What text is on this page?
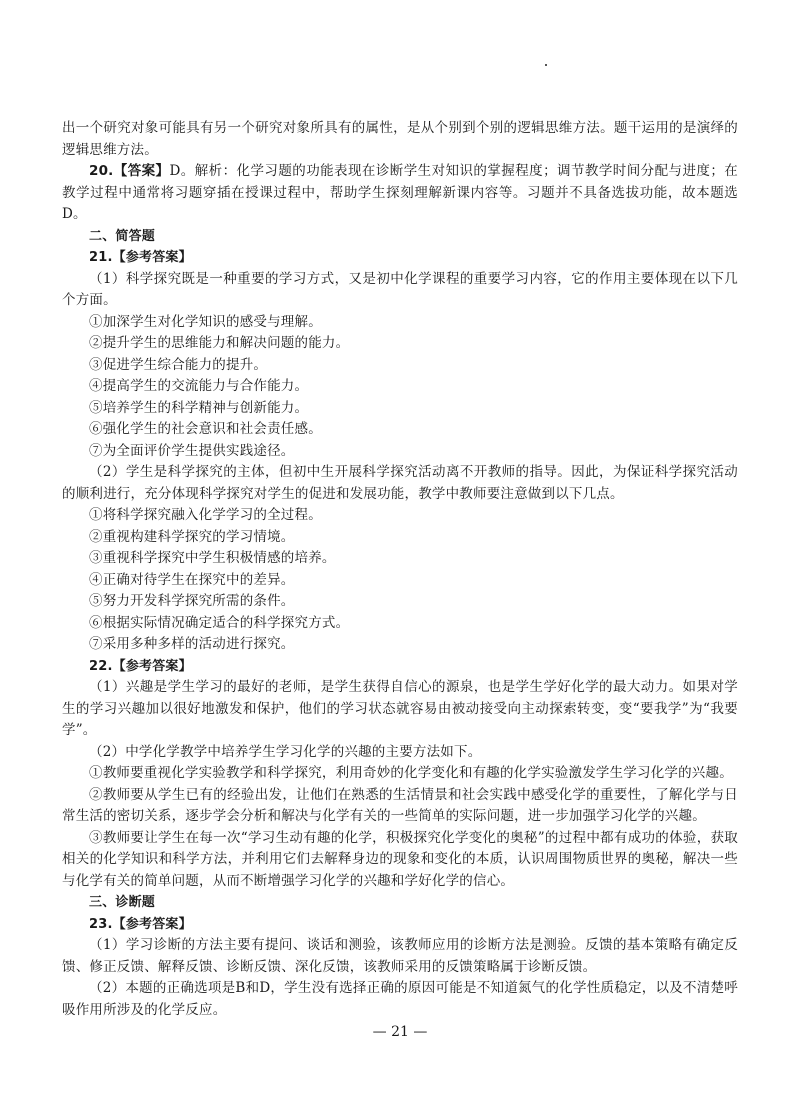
出一个研究对象可能具有另一个研究对象所具有的属性，是从个别到个别的逻辑思维方法。题干运用的是演绎的逻辑思维方法。

20.【答案】D。解析：化学习题的功能表现在诊断学生对知识的掌握程度；调节教学时间分配与进度；在教学过程中通常将习题穿插在授课过程中，帮助学生探刻理解新课内容等。习题并不具备选拔功能，故本题选D。

二、简答题

21.【参考答案】

（1）科学探究既是一种重要的学习方式，又是初中化学课程的重要学习内容，它的作用主要体现在以下几个方面。

①加深学生对化学知识的感受与理解。

②提升学生的思维能力和解决问题的能力。

③促进学生综合能力的提升。

④提高学生的交流能力与合作能力。

⑤培养学生的科学精神与创新能力。

⑥强化学生的社会意识和社会责任感。

⑦为全面评价学生提供实践途径。

（2）学生是科学探究的主体，但初中生开展科学探究活动离不开教师的指导。因此，为保证科学探究活动的顺利进行，充分体现科学探究对学生的促进和发展功能，教学中教师要注意做到以下几点。

①将科学探究融入化学学习的全过程。

②重视构建科学探究的学习情境。

③重视科学探究中学生积极情感的培养。

④正确对待学生在探究中的差异。

⑤努力开发科学探究所需的条件。

⑥根据实际情况确定适合的科学探究方式。

⑦采用多种多样的活动进行探究。

22.【参考答案】

（1）兴趣是学生学习的最好的老师，是学生获得自信心的源泉，也是学生学好化学的最大动力。如果对学生的学习兴趣加以很好地激发和保护，他们的学习状态就容易由被动接受向主动探索转变，变“要我学”为“我要学”。

（2）中学化学教学中培养学生学习化学的兴趣的主要方法如下。

①教师要重视化学实验教学和科学探究，利用奇妙的化学变化和有趣的化学实验激发学生学习化学的兴趣。

②教师要从学生已有的经验出发，让他们在熟悉的生活情景和社会实践中感受化学的重要性，了解化学与日常生活的密切关系，逐步学会分析和解决与化学有关的一些简单的实际问题，进一步加强学习化学的兴趣。

③教师要让学生在每一次“学习生动有趣的化学，积极探究化学变化的奥秘”的过程中都有成功的体验，获取相关的化学知识和科学方法，并利用它们去解释身边的现象和变化的本质，认识周围物质世界的奥秘，解决一些与化学有关的简单问题，从而不断增强学习化学的兴趣和学好化学的信心。

三、诊断题

23.【参考答案】

（1）学习诊断的方法主要有提问、谈话和测验，该教师应用的诊断方法是测验。反馈的基本策略有确定反馈、修正反馈、解释反馈、诊断反馈、深化反馈，该教师采用的反馈策略属于诊断反馈。

（2）本题的正确选项是B和D，学生没有选择正确的原因可能是不知道氮气的化学性质稳定，以及不清楚呼吸作用所涉及的化学反应。

— 21 —
